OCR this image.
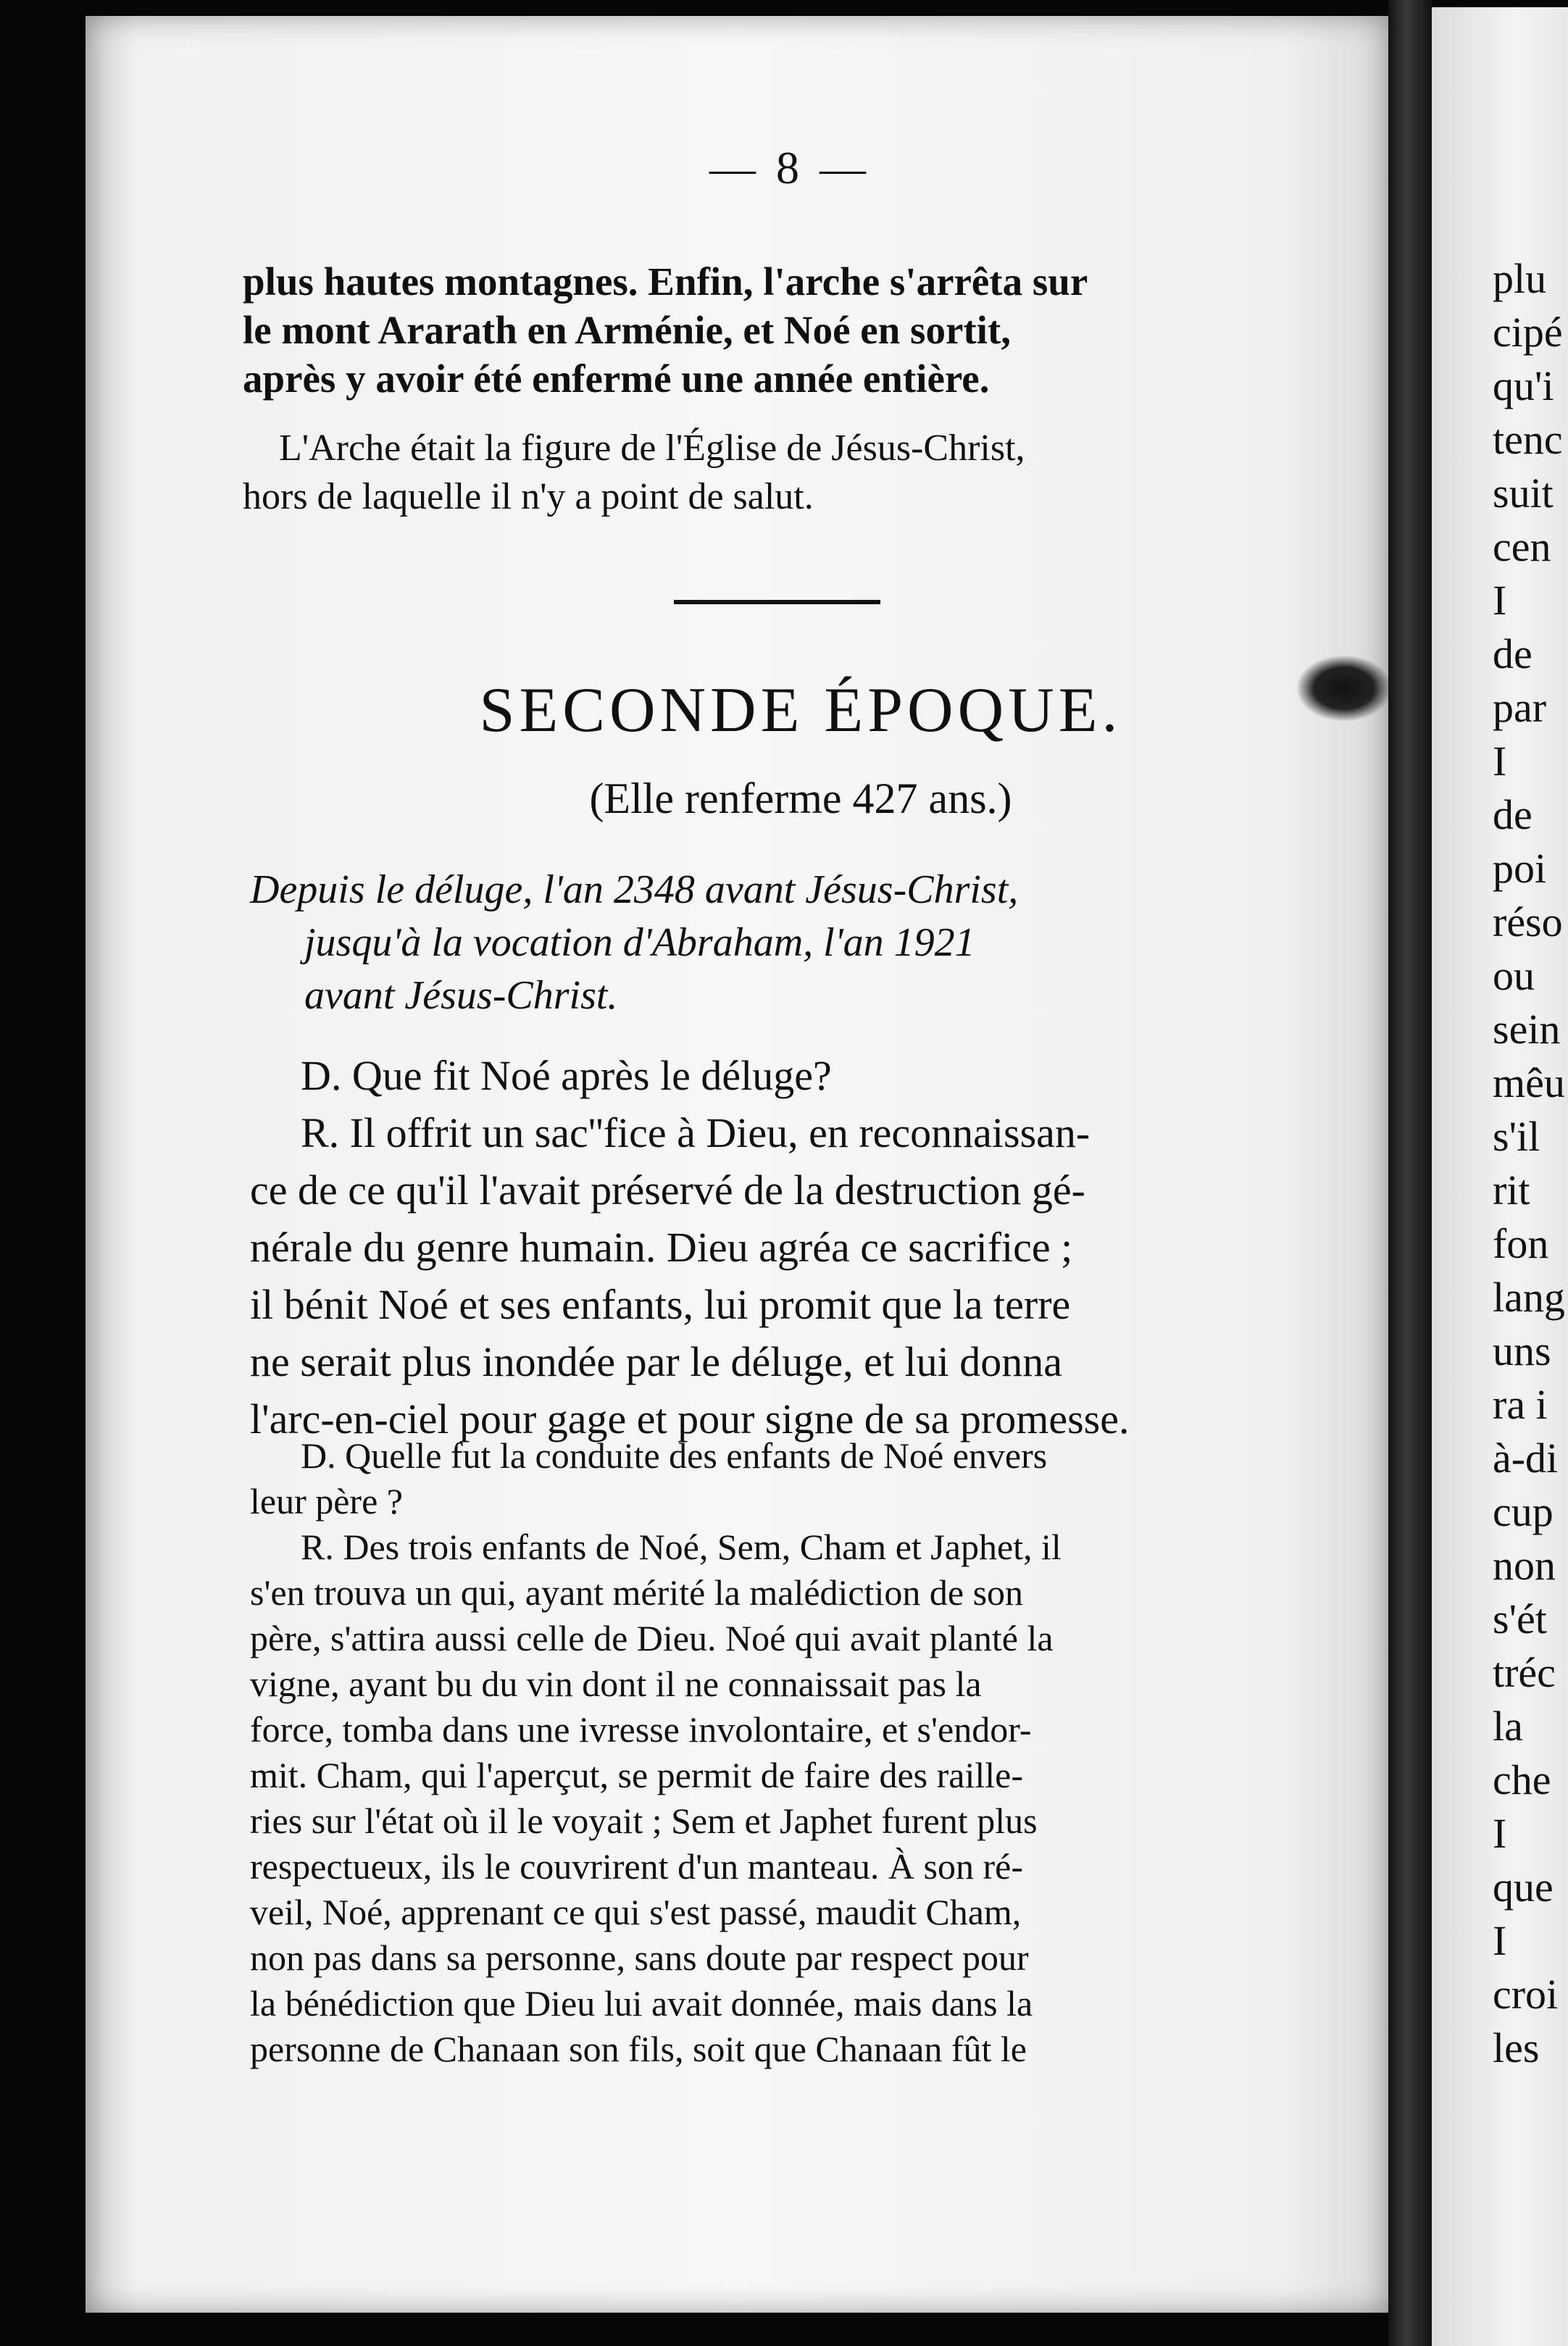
plu
cipé
qu'i
tenc
suit
cen
I
de
par
I
de
poi
réso
ou
sein
mêu
s'il
rit
fon
lang
uns
ra i
à-di
cup
non
s'ét
tréc
la
che
I
que
I
croi
les
— 8 —
plus hautes montagnes. Enfin, l'arche s'arrêta sur
le mont Ararath en Arménie, et Noé en sortit,
après y avoir été enfermé une année entière.
L'Arche était la figure de l'Église de Jésus-Christ,
hors de laquelle il n'y a point de salut.
SECONDE ÉPOQUE.
(Elle renferme 427 ans.)
Depuis le déluge, l'an 2348 avant Jésus-Christ,
jusqu'à la vocation d'Abraham, l'an 1921
avant Jésus-Christ.
D. Que fit Noé après le déluge?
R. Il offrit un sac''fice à Dieu, en reconnaissan-
ce de ce qu'il l'avait préservé de la destruction gé-
nérale du genre humain. Dieu agréa ce sacrifice ;
il bénit Noé et ses enfants, lui promit que la terre
ne serait plus inondée par le déluge, et lui donna
l'arc-en-ciel pour gage et pour signe de sa promesse.
D. Quelle fut la conduite des enfants de Noé envers
leur père ?
R. Des trois enfants de Noé, Sem, Cham et Japhet, il
s'en trouva un qui, ayant mérité la malédiction de son
père, s'attira aussi celle de Dieu. Noé qui avait planté la
vigne, ayant bu du vin dont il ne connaissait pas la
force, tomba dans une ivresse involontaire, et s'endor-
mit. Cham, qui l'aperçut, se permit de faire des raille-
ries sur l'état où il le voyait ; Sem et Japhet furent plus
respectueux, ils le couvrirent d'un manteau. À son ré-
veil, Noé, apprenant ce qui s'est passé, maudit Cham,
non pas dans sa personne, sans doute par respect pour
la bénédiction que Dieu lui avait donnée, mais dans la
personne de Chanaan son fils, soit que Chanaan fût le
